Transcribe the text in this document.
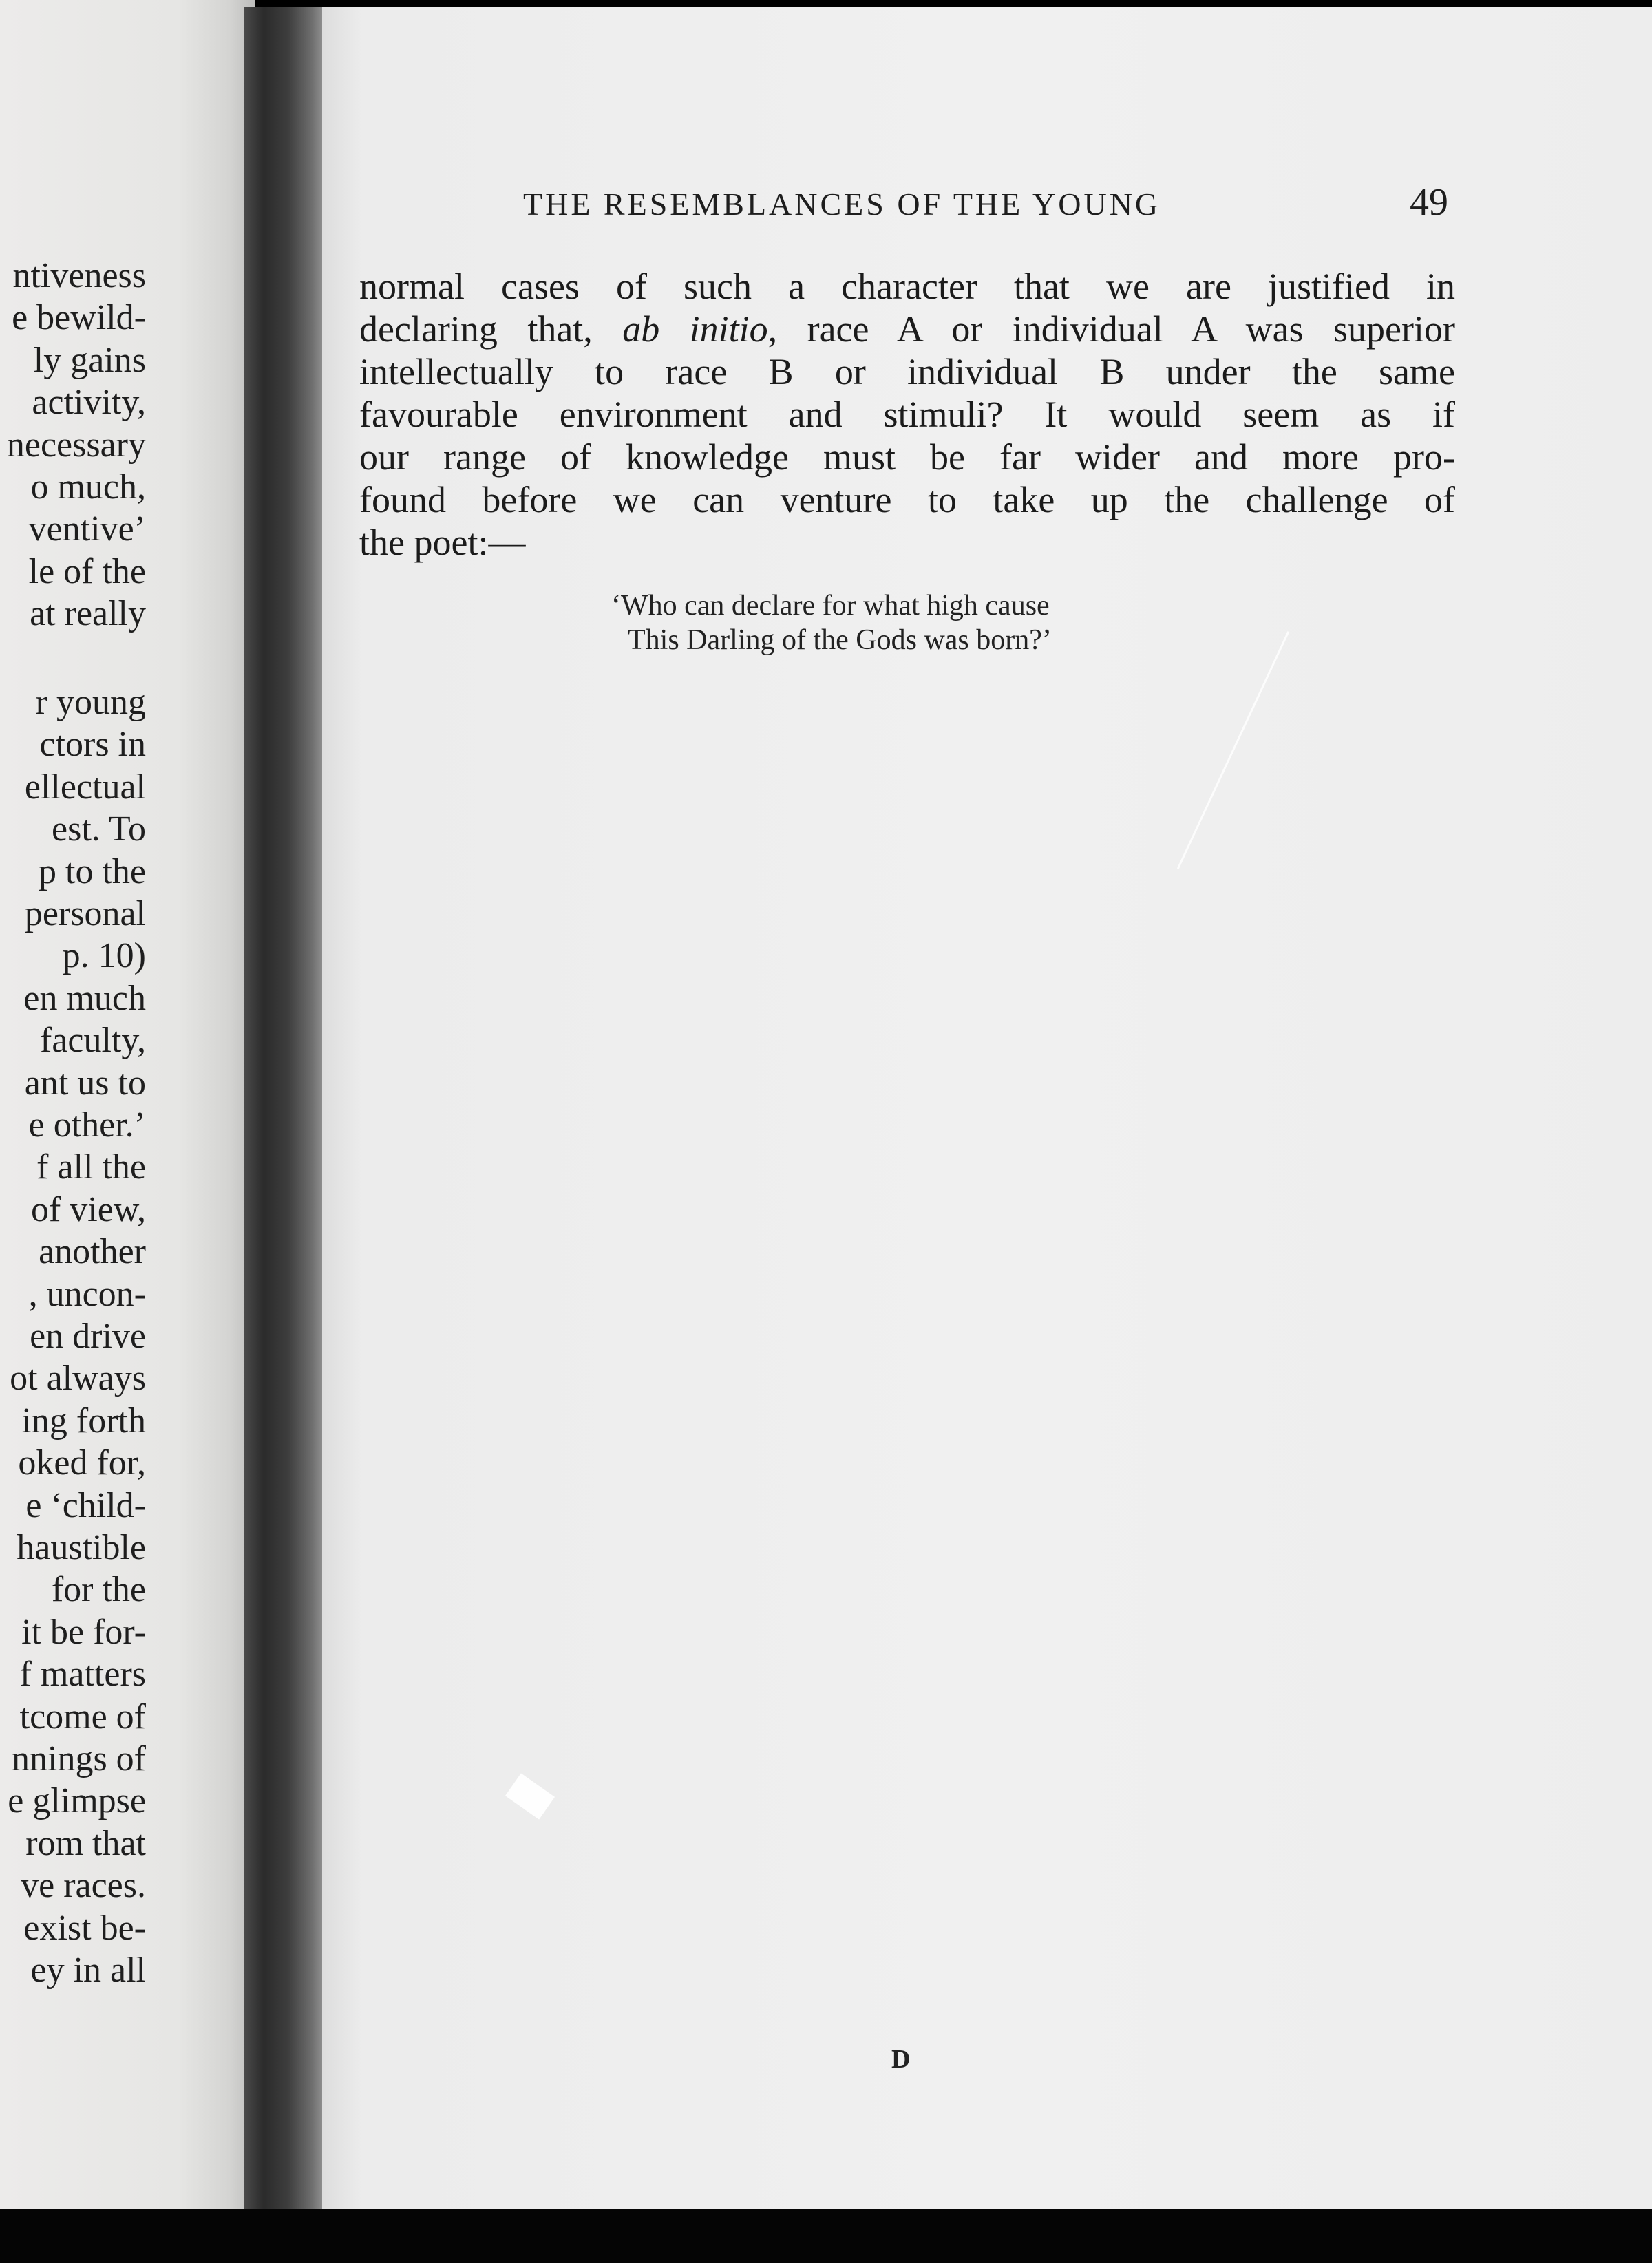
ntiveness
e bewild-
ly gains
activity,
necessary
o much,
ventive’
le of the
at really
r young
ctors in
ellectual
est. To
p to the
personal
p. 10)
en much
faculty,
ant us to
e other.’
f all the
of view,
another
, uncon-
en drive
ot always
ing forth
oked for,
e ‘child-
haustible
for the
it be for-
f matters
tcome of
nnings of
e glimpse
rom that
ve races.
exist be-
ey in all
THE RESEMBLANCES OF THE YOUNG	49
normal cases of such a character that we are justified in
declaring that, ab initio, race A or individual A was superior
intellectually to race B or individual B under the same
favourable environment and stimuli? It would seem as if
our range of knowledge must be far wider and more pro-
found before we can venture to take up the challenge of
the poet:—
‘Who can declare for what high cause
This Darling of the Gods was born?’
D
